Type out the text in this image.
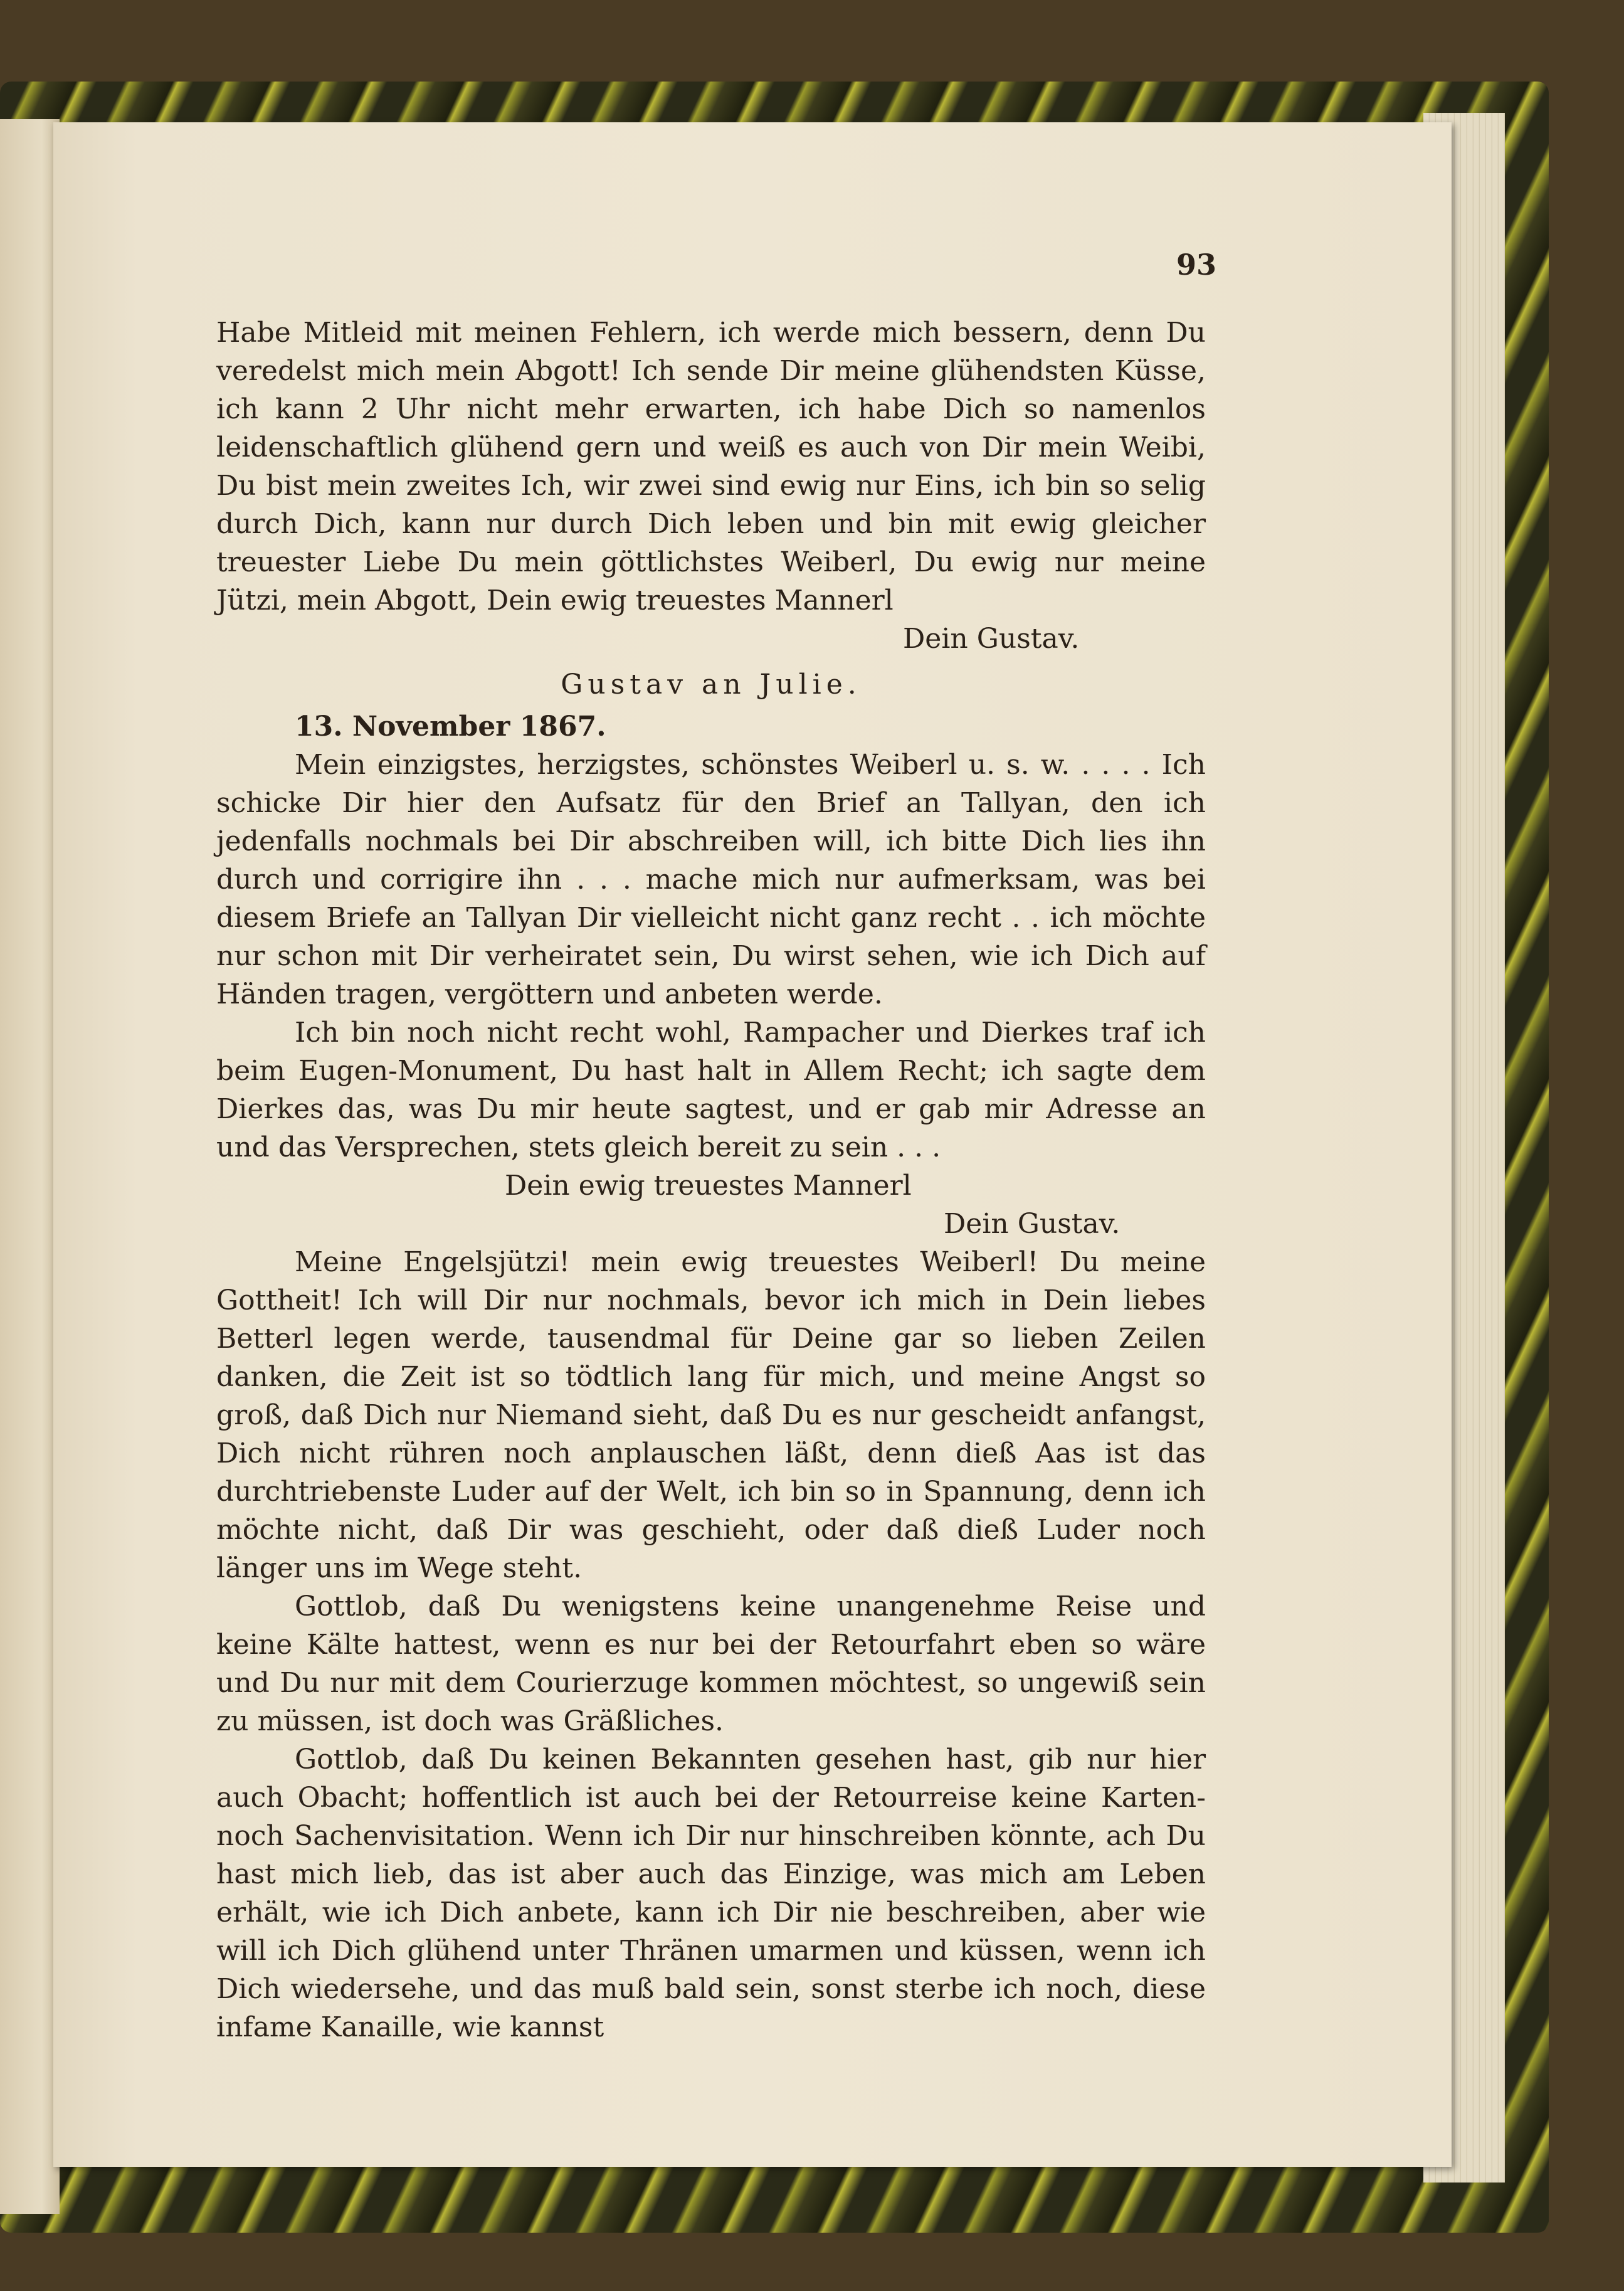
93

Habe Mitleid mit meinen Fehlern, ich werde mich bessern, denn Du veredelst mich mein Abgott! Ich sende Dir meine glühendsten Küsse, ich kann 2 Uhr nicht mehr erwarten, ich habe Dich so namenlos leidenschaftlich glühend gern und weiß es auch von Dir mein Weibi, Du bist mein zweites Ich, wir zwei sind ewig nur Eins, ich bin so selig durch Dich, kann nur durch Dich leben und bin mit ewig gleicher treuester Liebe Du mein göttlichstes Weiberl, Du ewig nur meine Jützi, mein Abgott, Dein ewig treuestes Mannerl

Dein Gustav.

Gustav an Julie.

13. November 1867.

Mein einzigstes, herzigstes, schönstes Weiberl u. s. w. . . . . Ich schicke Dir hier den Aufsatz für den Brief an Tallyan, den ich jedenfalls nochmals bei Dir abschreiben will, ich bitte Dich lies ihn durch und corrigire ihn . . . mache mich nur aufmerksam, was bei diesem Briefe an Tallyan Dir vielleicht nicht ganz recht . . ich möchte nur schon mit Dir verheiratet sein, Du wirst sehen, wie ich Dich auf Händen tragen, vergöttern und anbeten werde.

Ich bin noch nicht recht wohl, Rampacher und Dierkes traf ich beim Eugen-Monument, Du hast halt in Allem Recht; ich sagte dem Dierkes das, was Du mir heute sagtest, und er gab mir Adresse an und das Versprechen, stets gleich bereit zu sein . . .

Dein ewig treuestes Mannerl

Dein Gustav.

Meine Engelsjützi! mein ewig treuestes Weiberl! Du meine Gottheit! Ich will Dir nur nochmals, bevor ich mich in Dein liebes Betterl legen werde, tausendmal für Deine gar so lieben Zeilen danken, die Zeit ist so tödtlich lang für mich, und meine Angst so groß, daß Dich nur Niemand sieht, daß Du es nur gescheidt anfangst, Dich nicht rühren noch anplauschen läßt, denn dieß Aas ist das durchtriebenste Luder auf der Welt, ich bin so in Spannung, denn ich möchte nicht, daß Dir was geschieht, oder daß dieß Luder noch länger uns im Wege steht.

Gottlob, daß Du wenigstens keine unangenehme Reise und keine Kälte hattest, wenn es nur bei der Retourfahrt eben so wäre und Du nur mit dem Courierzuge kommen möchtest, so ungewiß sein zu müssen, ist doch was Gräßliches.

Gottlob, daß Du keinen Bekannten gesehen hast, gib nur hier auch Obacht; hoffentlich ist auch bei der Retourreise keine Karten- noch Sachenvisitation. Wenn ich Dir nur hinschreiben könnte, ach Du hast mich lieb, das ist aber auch das Einzige, was mich am Leben erhält, wie ich Dich anbete, kann ich Dir nie beschreiben, aber wie will ich Dich glühend unter Thränen umarmen und küssen, wenn ich Dich wiedersehe, und das muß bald sein, sonst sterbe ich noch, diese infame Kanaille, wie kannst
